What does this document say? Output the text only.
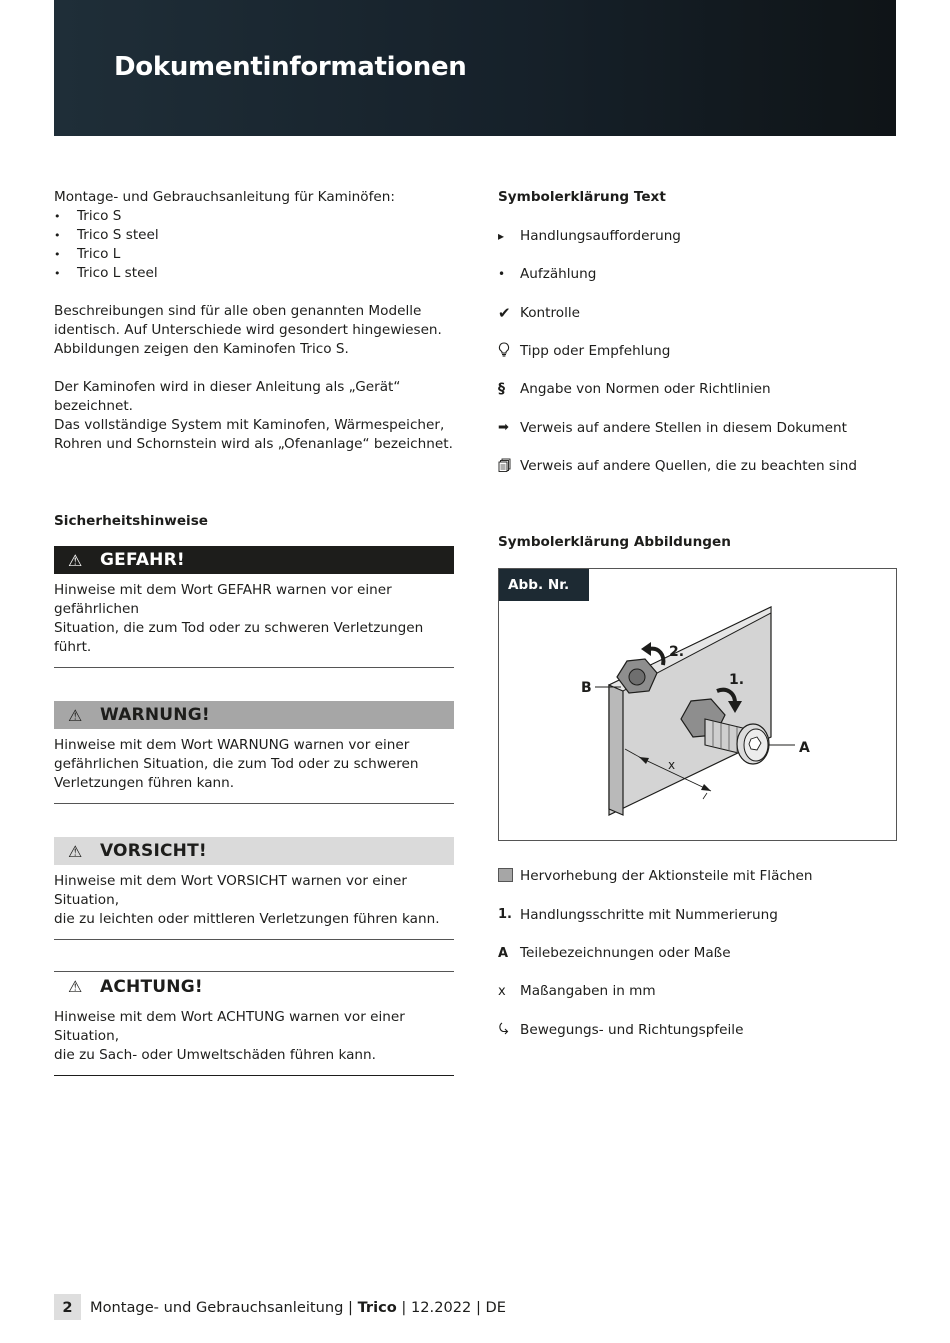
Dokumentinformationen
Montage- und Gebrauchsanleitung für Kaminöfen:
• Trico S
• Trico S steel
• Trico L
• Trico L steel
Beschreibungen sind für alle oben genannten Modelle
identisch. Auf Unterschiede wird gesondert hingewiesen.
Abbildungen zeigen den Kaminofen Trico S.
Der Kaminofen wird in dieser Anleitung als „Gerät“ bezeichnet.
Das vollständige System mit Kaminofen, Wärmespeicher,
Rohren und Schornstein wird als „Ofenanlage“ bezeichnet.
Sicherheitshinweise
⚠	GEFAHR!
Hinweise mit dem Wort GEFAHR warnen vor einer gefährlichen
Situation, die zum Tod oder zu schweren Verletzungen führt.
⚠	WARNUNG!
Hinweise mit dem Wort WARNUNG warnen vor einer
gefährlichen Situation, die zum Tod oder zu schweren
Verletzungen führen kann.
⚠	VORSICHT!
Hinweise mit dem Wort VORSICHT warnen vor einer Situation,
die zu leichten oder mittleren Verletzungen führen kann.
⚠	ACHTUNG!
Hinweise mit dem Wort ACHTUNG warnen vor einer Situation,
die zu Sach- oder Umweltschäden führen kann.
Symbolerklärung Text
▸	Handlungsaufforderung
•	Aufzählung
✔ Kontrolle
Tipp oder Empfehlung
§	Angabe von Normen oder Richtlinien
➡ Verweis auf andere Stellen in diesem Dokument
Verweis auf andere Quellen, die zu beachten sind
Symbolerklärung Abbildungen
x
2.
1.
B
A
Abb. Nr.
Hervorhebung der Aktionsteile mit Flächen
1. Handlungsschritte mit Nummerierung
A Teilebezeichnungen oder Maße
x	Maßangaben in mm
Bewegungs- und Richtungspfeile
2	Montage- und Gebrauchsanleitung | Trico | 12.2022 | DE
